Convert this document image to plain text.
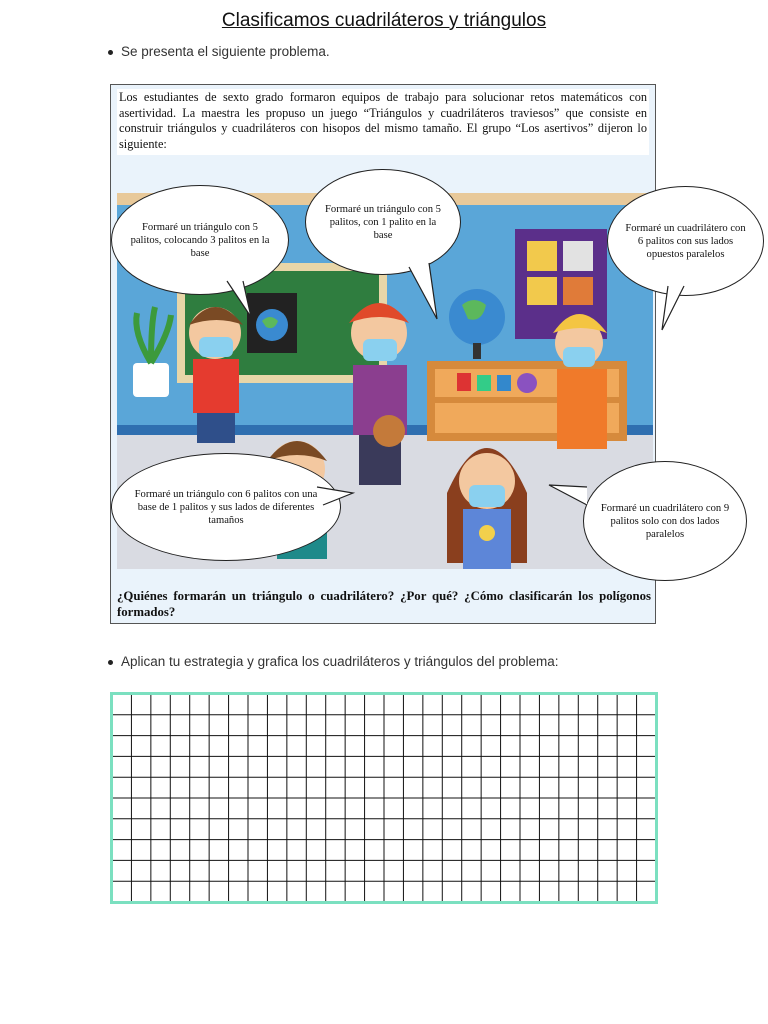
Clasificamos cuadriláteros y triángulos
Se presenta el siguiente problema.
Los estudiantes de sexto grado formaron equipos de trabajo para solucionar retos matemáticos con asertividad. La maestra les propuso un juego “Triángulos y cuadriláteros traviesos” que consiste en construir triángulos y cuadriláteros con hisopos del mismo tamaño. El grupo “Los asertivos” dijeron lo siguiente:
Formaré un triángulo con 5 palitos, colocando 3 palitos en la base
Formaré un triángulo con 5 palitos, con 1 palito en la base
Formaré un triángulo con 6 palitos con una base de 1 palitos y sus lados de diferentes tamaños
Formaré un cuadrilátero con 9 palitos solo con dos lados paralelos
¿Quiénes formarán un triángulo o cuadrilátero? ¿Por qué? ¿Cómo clasificarán los polígonos formados?
Formaré un cuadrilátero con 6 palitos con sus lados opuestos paralelos
Aplican tu estrategia y grafica los cuadriláteros y triángulos del problema:
